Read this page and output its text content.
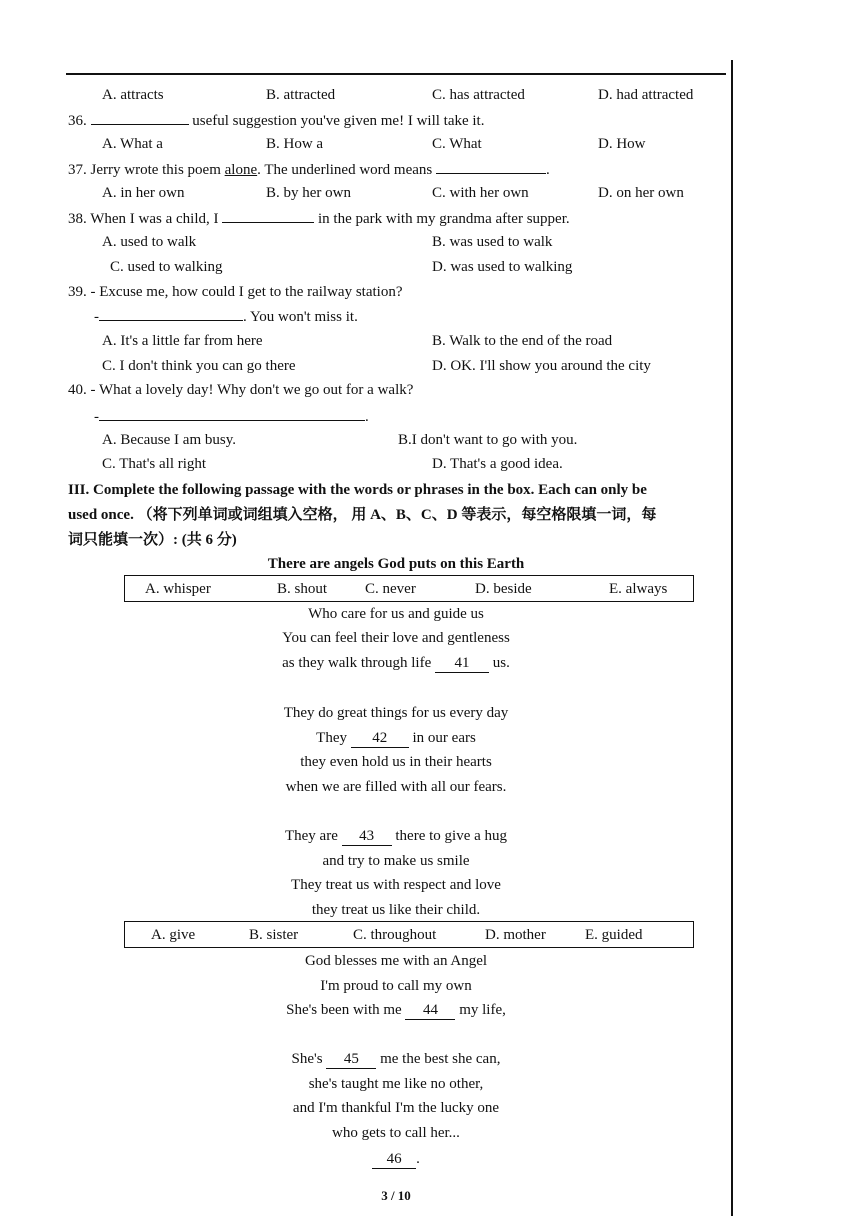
A. attracts	B. attracted	C. has attracted	D. had attracted
36.	useful suggestion you've given me! I will take it.
A. What a	B. How a	C. What	D. How
37. Jerry wrote this poem alone. The underlined word means	.
A. in her own	B. by her own	C. with her own	D. on her own
38. When I was a child, I	in the park with my grandma after supper.
A. used to walk	B. was used to walk
C. used to walking	D. was used to walking
39. - Excuse me, how could I get to the railway station?
-	. You won't miss it.
A. It's a little far from here	B. Walk to the end of the road
C. I don't think you can go there	D. OK. I'll show you around the city
40. - What a lovely day! Why don't we go out for a walk?
-	.
A. Because I am busy.	B.I don't want to go with you.
C. That's all right	D. That's a good idea.
III. Complete the following passage with the words or phrases in the box. Each can only be
used once. （将下列单词或词组填入空格， 用 A、B、C、D 等表示，每空格限填一词，每
词只能填一次）: (共 6 分)
There are angels God puts on this Earth
A. whisper	B. shout	C. never	D. beside	E. always
Who care for us and guide us
You can feel their love and gentleness
as they walk through life 41 us.
They do great things for us every day
They 42 in our ears
they even hold us in their hearts
when we are filled with all our fears.
They are 43 there to give a hug
and try to make us smile
They treat us with respect and love
they treat us like their child.
A. give	B. sister	C. throughout	D. mother	E. guided
God blesses me with an Angel
I'm proud to call my own
She's been with me 44 my life,
She's 45 me the best she can,
she's taught me like no other,
and I'm thankful I'm the lucky one
who gets to call her...
46 .
3 / 10
